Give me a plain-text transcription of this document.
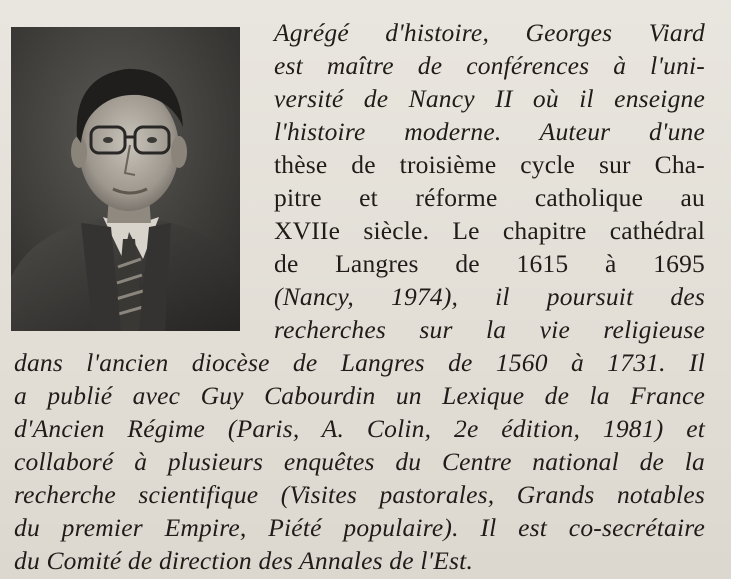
Agrégé d'histoire, Georges Viard
est maître de conférences à l'uni-
versité de Nancy II où il enseigne
l'histoire moderne. Auteur d'une
thèse de troisième cycle sur Cha-
pitre et réforme catholique au
XVIIe siècle. Le chapitre cathédral
de Langres de 1615 à 1695
(Nancy, 1974), il poursuit des
recherches sur la vie religieuse
dans l'ancien diocèse de Langres de 1560 à 1731. Il
a publié avec Guy Cabourdin un Lexique de la France
d'Ancien Régime (Paris, A. Colin, 2e édition, 1981) et
collaboré à plusieurs enquêtes du Centre national de la
recherche scientifique (Visites pastorales, Grands notables
du premier Empire, Piété populaire). Il est co-secrétaire
du Comité de direction des Annales de l'Est.
